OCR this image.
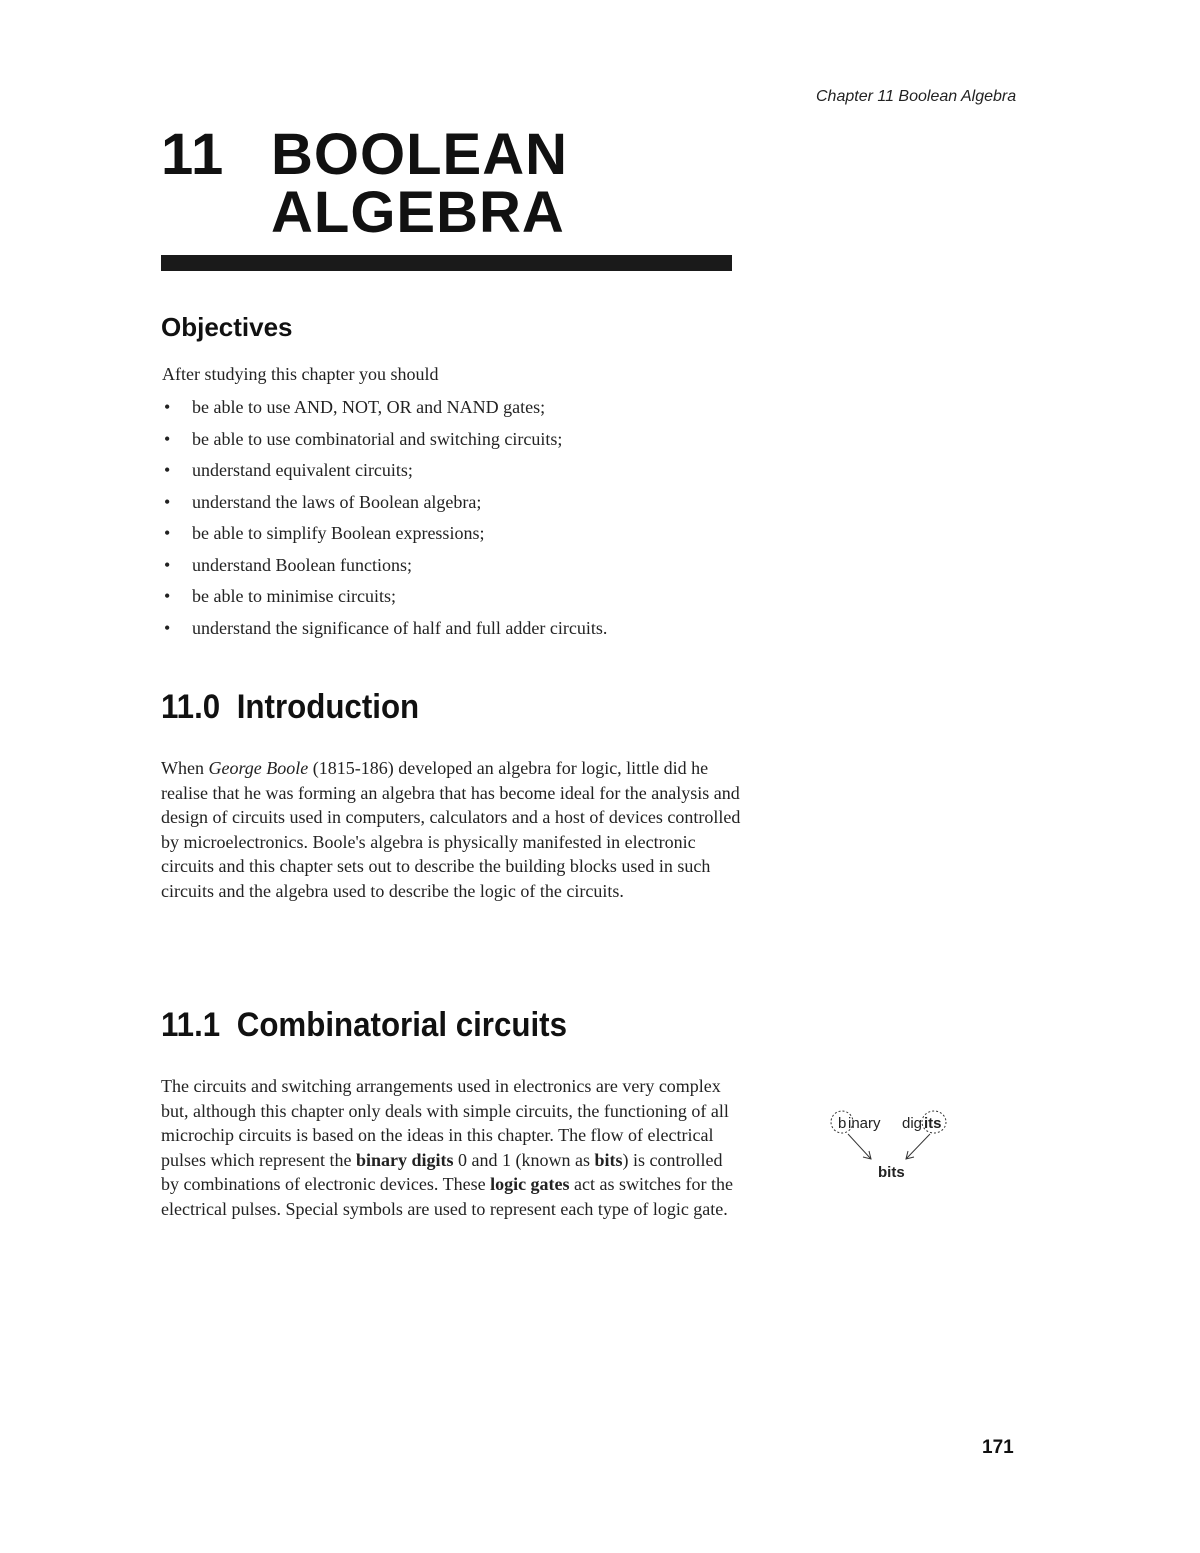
Chapter 11 Boolean Algebra
11 BOOLEAN
ALGEBRA
Objectives
After studying this chapter you should
• be able to use AND, NOT, OR and NAND gates;
• be able to use combinatorial and switching circuits;
• understand equivalent circuits;
• understand the laws of Boolean algebra;
• be able to simplify Boolean expressions;
• understand Boolean functions;
• be able to minimise circuits;
• understand the significance of half and full adder circuits.
11.0 Introduction

When George Boole (1815-186) developed an algebra for logic, little did he realise that he was forming an algebra that has become ideal for the analysis and design of circuits used in computers, calculators and a host of devices controlled by microelectronics. Boole's algebra is physically manifested in electronic circuits and this chapter sets out to describe the building blocks used in such circuits and the algebra used to describe the logic of the circuits.

11.1 Combinatorial circuits

The circuits and switching arrangements used in electronics are very complex but, although this chapter only deals with simple circuits, the functioning of all microchip circuits is based on the ideas in this chapter. The flow of electrical pulses which represent the binary digits 0 and 1 (known as bits) is controlled by combinations of electronic devices. These logic gates act as switches for the electrical pulses. Special symbols are used to represent each type of logic gate.

b inary dig its
bits
171
